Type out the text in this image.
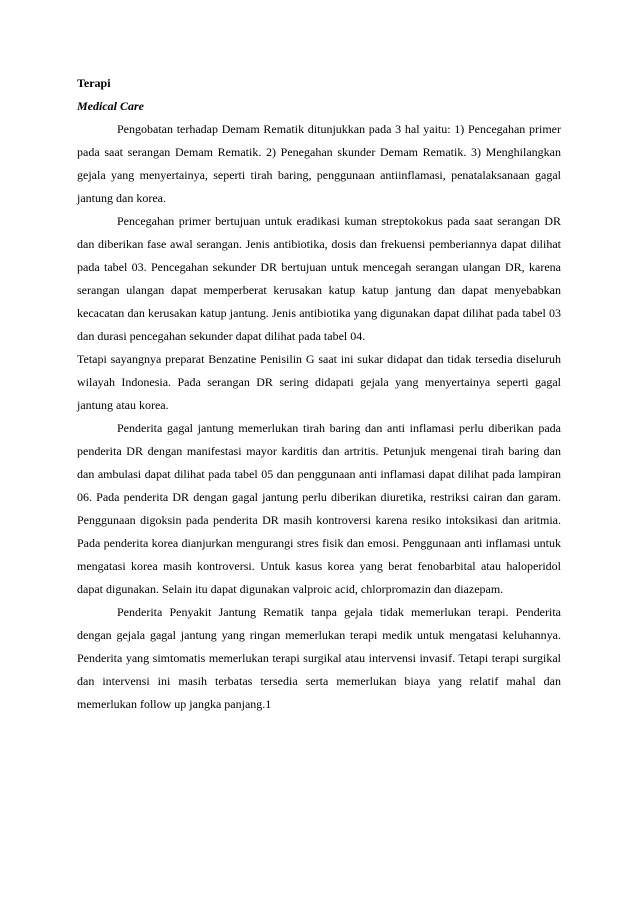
Terapi

Medical Care

Pengobatan terhadap Demam Rematik ditunjukkan pada 3 hal yaitu: 1) Pencegahan primer pada saat serangan Demam Rematik. 2) Penegahan skunder Demam Rematik. 3) Menghilangkan gejala yang menyertainya, seperti tirah baring, penggunaan antiinflamasi, penatalaksanaan gagal jantung dan korea.

Pencegahan primer bertujuan untuk eradikasi kuman streptokokus pada saat serangan DR dan diberikan fase awal serangan. Jenis antibiotika, dosis dan frekuensi pemberiannya dapat dilihat pada tabel 03. Pencegahan sekunder DR bertujuan untuk mencegah serangan ulangan DR, karena serangan ulangan dapat memperberat kerusakan katup katup jantung dan dapat menyebabkan kecacatan dan kerusakan katup jantung. Jenis antibiotika yang digunakan dapat dilihat pada tabel 03 dan durasi pencegahan sekunder dapat dilihat pada tabel 04.

Tetapi sayangnya preparat Benzatine Penisilin G saat ini sukar didapat dan tidak tersedia diseluruh wilayah Indonesia. Pada serangan DR sering didapati gejala yang menyertainya seperti gagal jantung atau korea.

Penderita gagal jantung memerlukan tirah baring dan anti inflamasi perlu diberikan pada penderita DR dengan manifestasi mayor karditis dan artritis. Petunjuk mengenai tirah baring dan dan ambulasi dapat dilihat pada tabel 05 dan penggunaan anti inflamasi dapat dilihat pada lampiran 06. Pada penderita DR dengan gagal jantung perlu diberikan diuretika, restriksi cairan dan garam. Penggunaan digoksin pada penderita DR masih kontroversi karena resiko intoksikasi dan aritmia. Pada penderita korea dianjurkan mengurangi stres fisik dan emosi. Penggunaan anti inflamasi untuk mengatasi korea masih kontroversi. Untuk kasus korea yang berat fenobarbital atau haloperidol dapat digunakan. Selain itu dapat digunakan valproic acid, chlorpromazin dan diazepam.

Penderita Penyakit Jantung Rematik tanpa gejala tidak memerlukan terapi. Penderita dengan gejala gagal jantung yang ringan memerlukan terapi medik untuk mengatasi keluhannya. Penderita yang simtomatis memerlukan terapi surgikal atau intervensi invasif. Tetapi terapi surgikal dan intervensi ini masih terbatas tersedia serta memerlukan biaya yang relatif mahal dan memerlukan follow up jangka panjang.1
